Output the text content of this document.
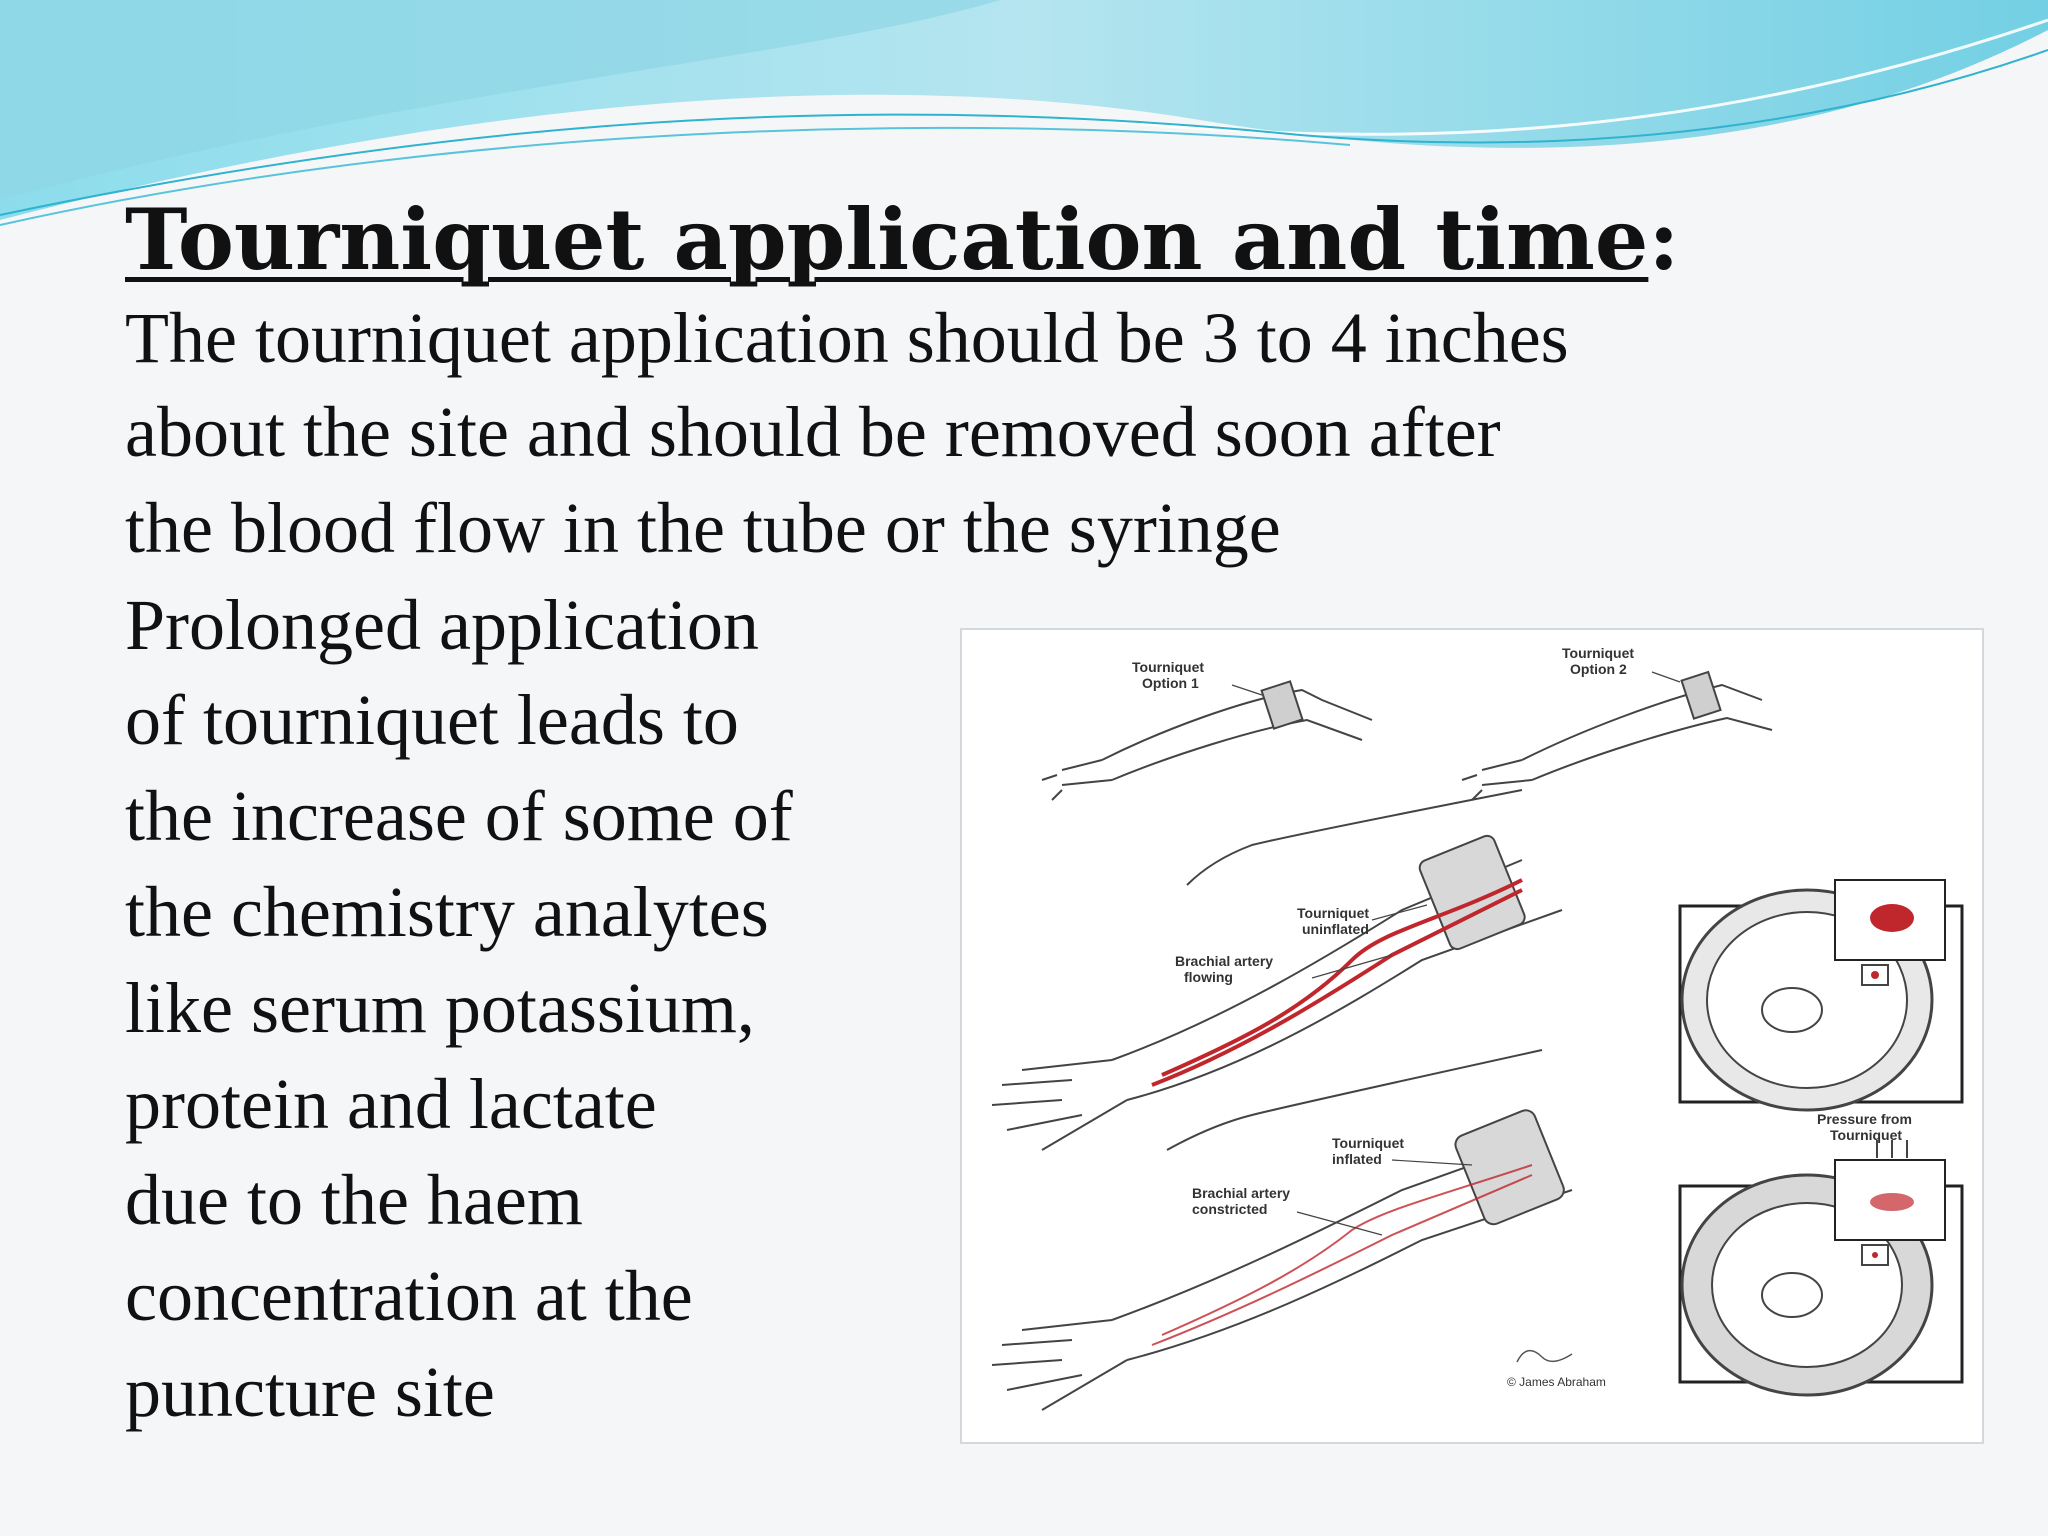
Tourniquet application and time:
The tourniquet application should be 3 to 4 inches
about the site and should be removed soon after
the blood flow in the tube or the syringe
Prolonged application
of tourniquet leads to
the increase of some of
the chemistry analytes
like serum potassium,
protein and lactate
due to the haem
concentration at the
puncture site
Tourniquet
Option 1
Tourniquet
Option 2
Tourniquet
uninflated
Brachial artery
flowing
Tourniquet
inflated
Brachial artery
constricted
Pressure from
Tourniquet
© James Abraham
